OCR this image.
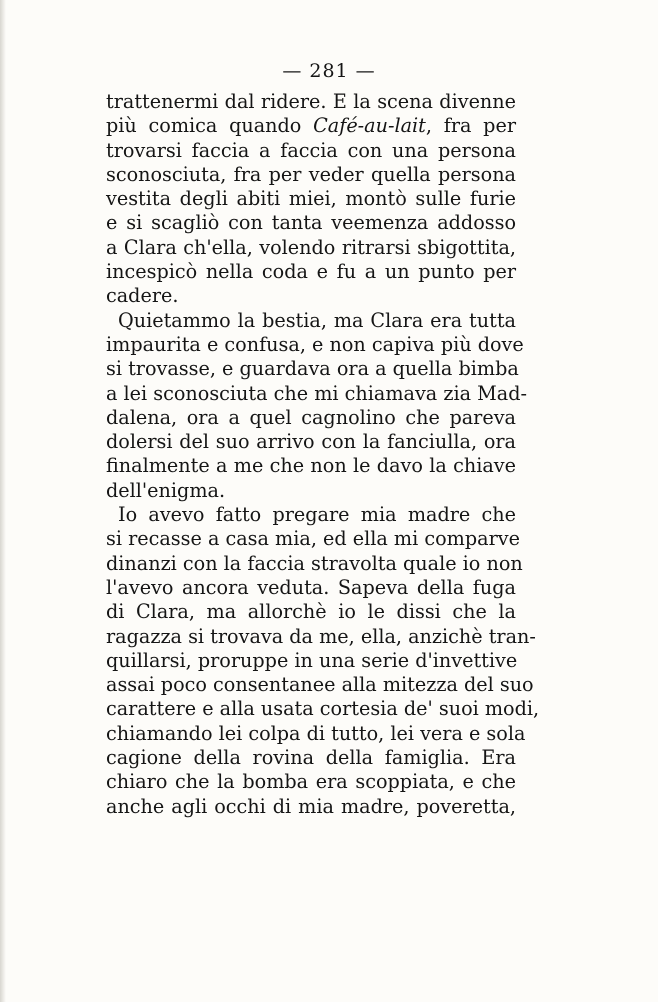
— 281 —
trattenermi dal ridere. E la scena divenne
più comica quando Café-au-lait, fra per
trovarsi faccia a faccia con una persona
sconosciuta, fra per veder quella persona
vestita degli abiti miei, montò sulle furie
e si scagliò con tanta veemenza addosso
a Clara ch'ella, volendo ritrarsi sbigottita,
incespicò nella coda e fu a un punto per
cadere.
Quietammo la bestia, ma Clara era tutta
impaurita e confusa, e non capiva più dove
si trovasse, e guardava ora a quella bimba
a lei sconosciuta che mi chiamava zia Mad-
dalena, ora a quel cagnolino che pareva
dolersi del suo arrivo con la fanciulla, ora
finalmente a me che non le davo la chiave
dell'enigma.
Io avevo fatto pregare mia madre che
si recasse a casa mia, ed ella mi comparve
dinanzi con la faccia stravolta quale io non
l'avevo ancora veduta. Sapeva della fuga
di Clara, ma allorchè io le dissi che la
ragazza si trovava da me, ella, anzichè tran-
quillarsi, proruppe in una serie d'invettive
assai poco consentanee alla mitezza del suo
carattere e alla usata cortesia de' suoi modi,
chiamando lei colpa di tutto, lei vera e sola
cagione della rovina della famiglia. Era
chiaro che la bomba era scoppiata, e che
anche agli occhi di mia madre, poveretta,
